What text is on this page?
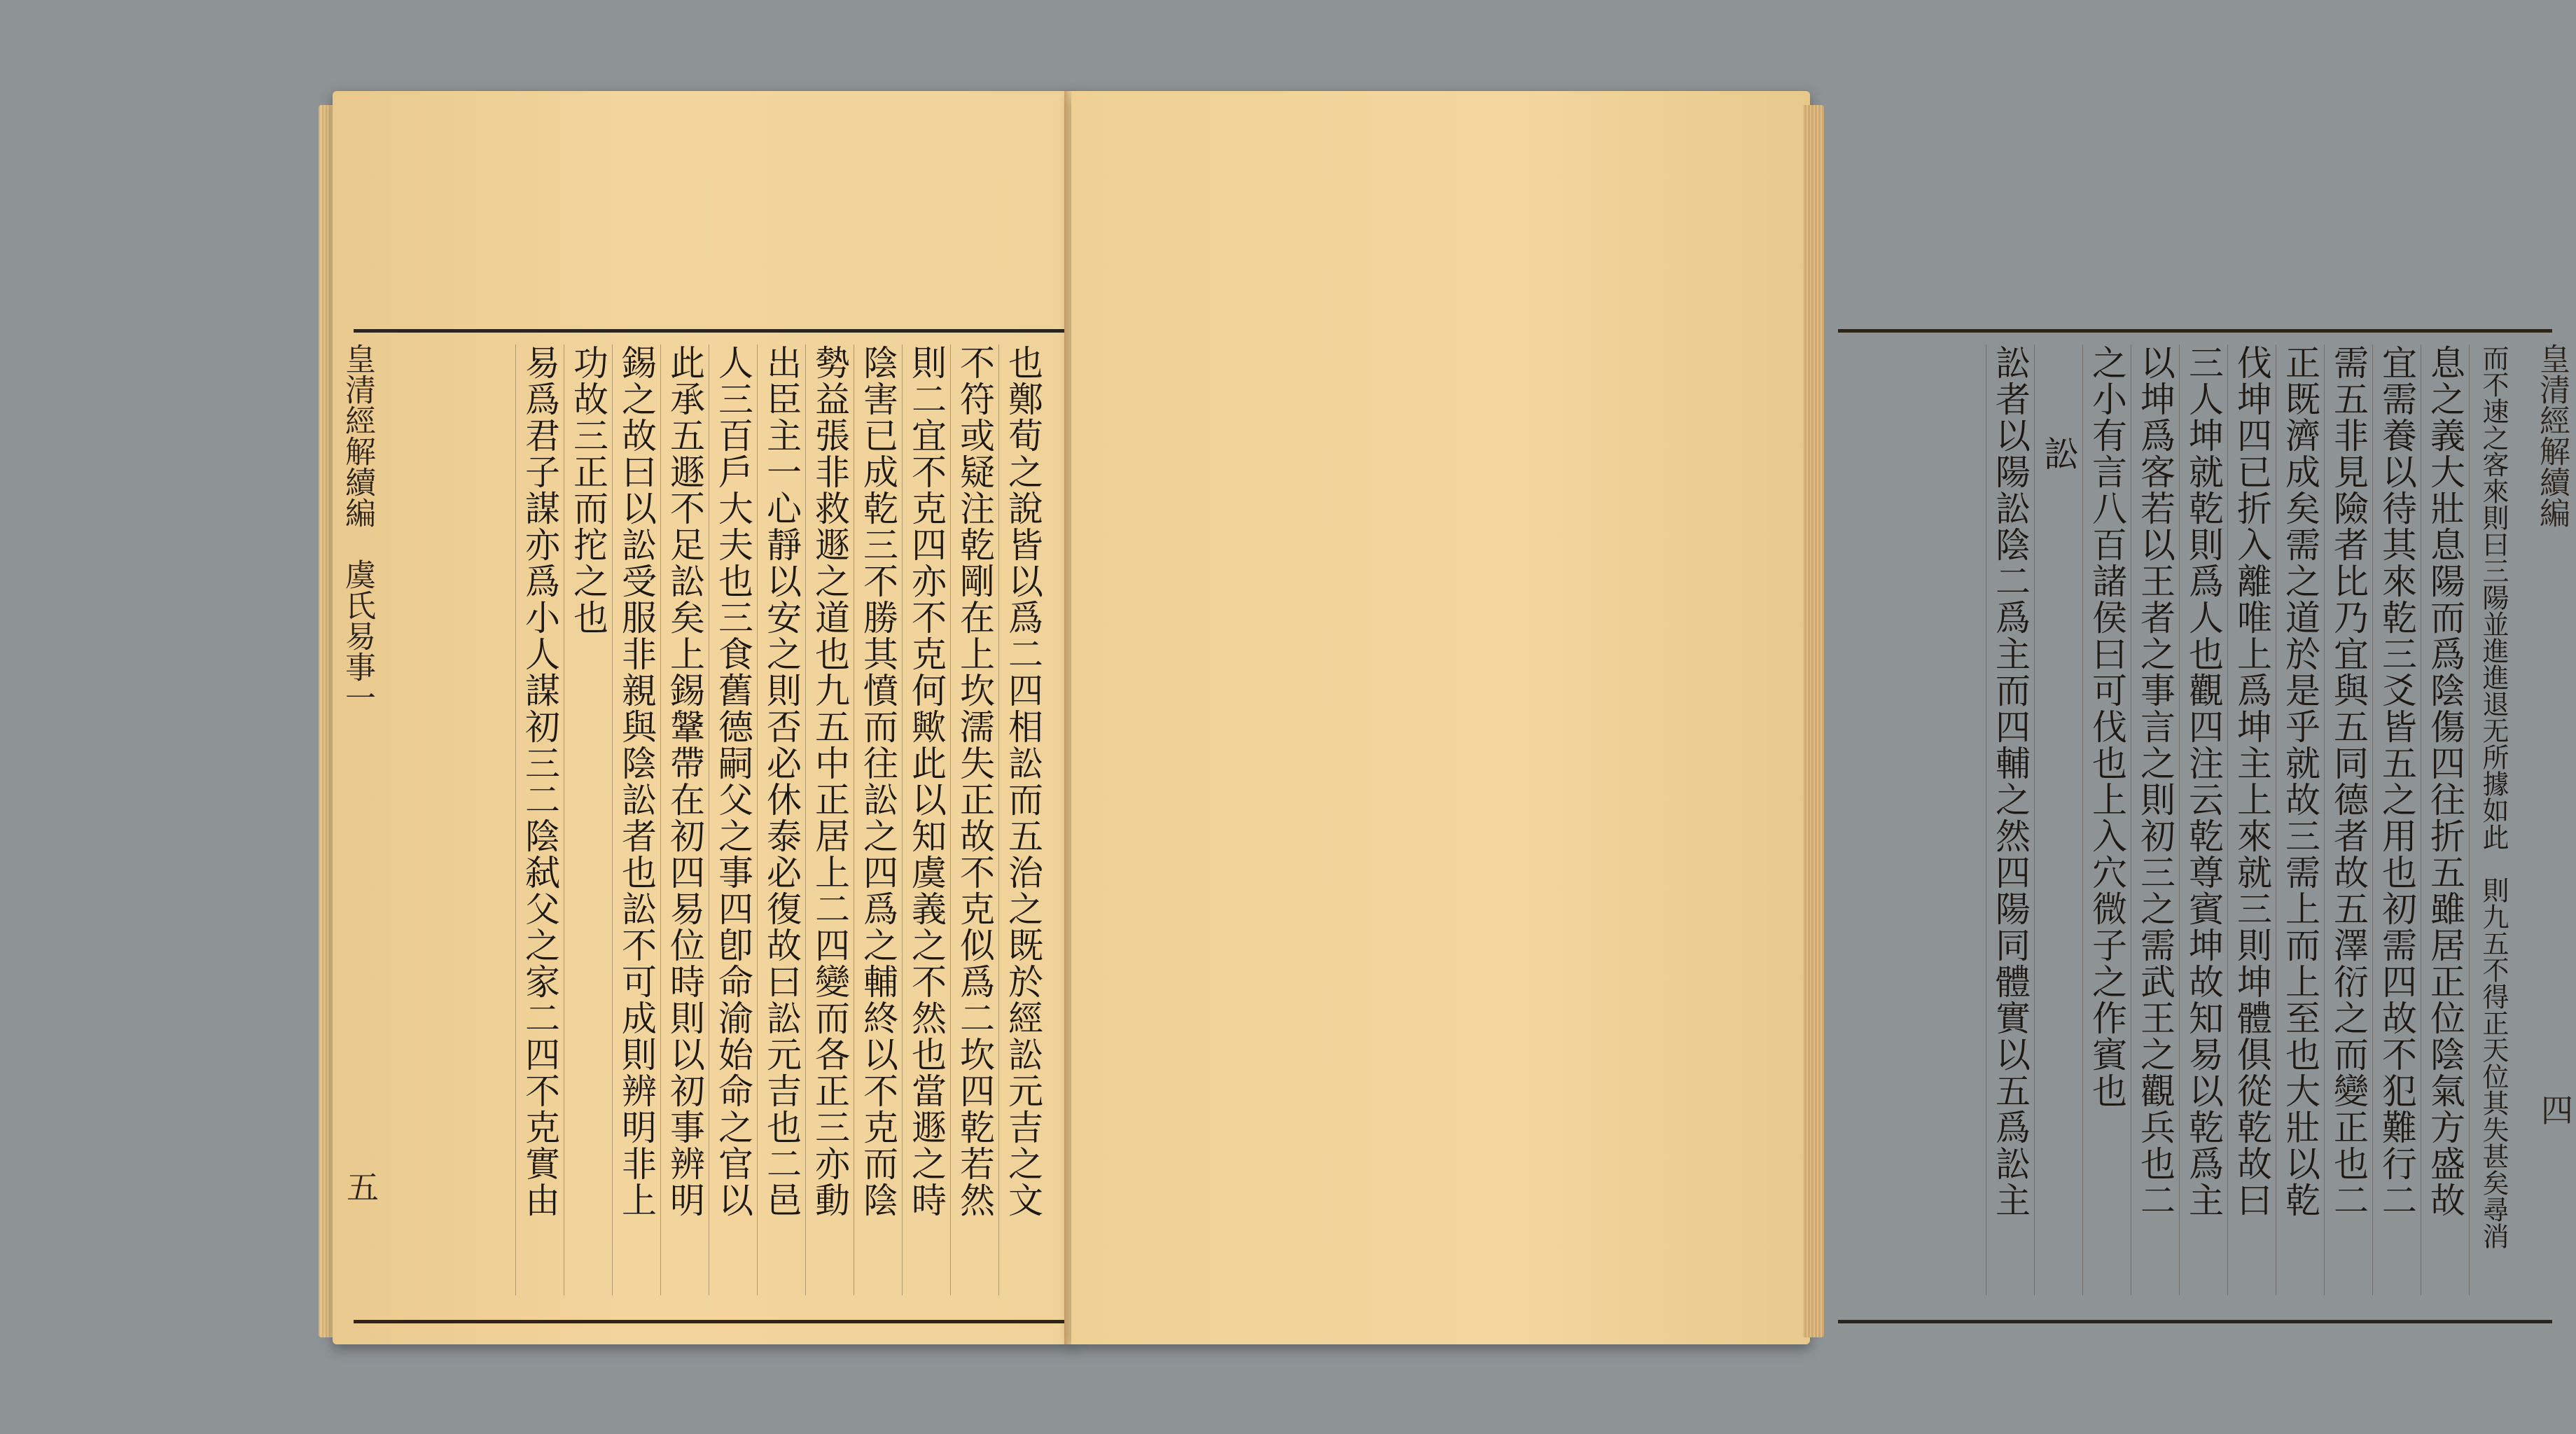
皇清經解續編　虞氏易事一
五	也鄭荀之說皆以爲二四相訟而五治之既於經訟元吉之文
不符或疑注乾剛在上坎濡失正故不克似爲二坎四乾若然
則二宜不克四亦不克何歟此以知虞義之不然也當遯之時
陰害已成乾三不勝其憤而往訟之四爲之輔終以不克而陰
勢益張非救遯之道也九五中正居上二四變而各正三亦動
出臣主一心靜以安之則否必休泰必復故曰訟元吉也二邑
人三百戶大夫也三食舊德嗣父之事四卽命渝始命之官以
此承五遯不足訟矣上錫鞶帶在初四易位時則以初事辨明
錫之故曰以訟受服非親與陰訟者也訟不可成則辨明非上
功故三正而拕之也
易爲君子謀亦爲小人謀初三二陰弑父之家二四不克實由	皇清經解續編
四
而不速之客來則曰三陽並進進退无所據如此　則九五不得正天位其失甚矣尋消
息之義大壯息陽而爲陰傷四往折五雖居正位陰氣方盛故
宜需養以待其來乾三爻皆五之用也初需四故不犯難行二
需五非見險者比乃宜與五同德者故五澤衍之而變正也二
正既濟成矣需之道於是乎就故三需上而上至也大壯以乾
伐坤四已折入離唯上爲坤主上來就三則坤體俱從乾故曰
三人坤就乾則爲人也觀四注云乾尊賓坤故知易以乾爲主
以坤爲客若以王者之事言之則初三之需武王之觀兵也二
之小有言八百諸侯曰可伐也上入穴微子之作賓也
訟
訟者以陽訟陰二爲主而四輔之然四陽同體實以五爲訟主
